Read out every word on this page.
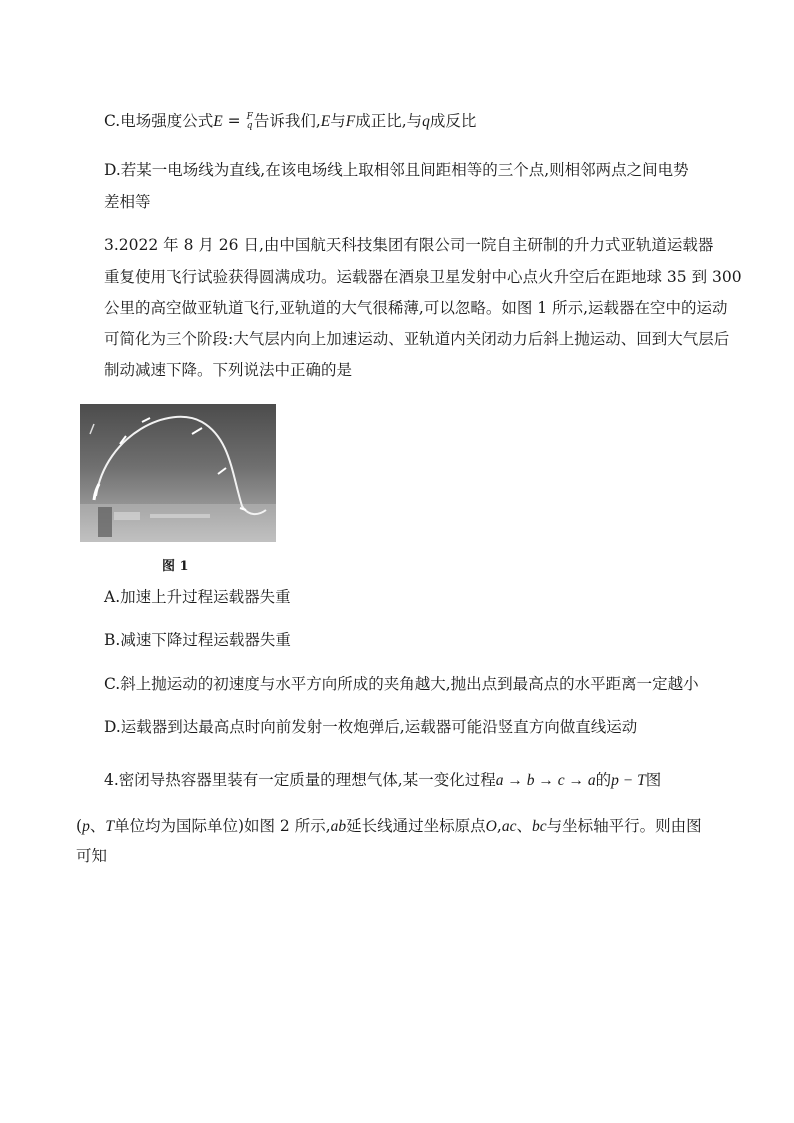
C.电场强度公式E = F
q 告诉我们,E与F成正比,与q成反比
D.若某一电场线为直线,在该电场线上取相邻且间距相等的三个点,则相邻两点之间电势
差相等
3.2022 年 8 月 26 日,由中国航天科技集团有限公司一院自主研制的升力式亚轨道运载器
重复使用飞行试验获得圆满成功。运载器在酒泉卫星发射中心点火升空后在距地球 35 到 300
公里的高空做亚轨道飞行,亚轨道的大气很稀薄,可以忽略。如图 1 所示,运载器在空中的运动
可简化为三个阶段:大气层内向上加速运动、亚轨道内关闭动力后斜上抛运动、回到大气层后
制动减速下降。下列说法中正确的是
图 1
A.加速上升过程运载器失重
B.减速下降过程运载器失重
C.斜上抛运动的初速度与水平方向所成的夹角越大,抛出点到最高点的水平距离一定越小
D.运载器到达最高点时向前发射一枚炮弹后,运载器可能沿竖直方向做直线运动
4.密闭导热容器里装有一定质量的理想气体,某一变化过程a → b → c → a的p − T图
(p、T单位均为国际单位)如图 2 所示,ab延长线通过坐标原点O,ac、bc与坐标轴平行。则由图
可知
